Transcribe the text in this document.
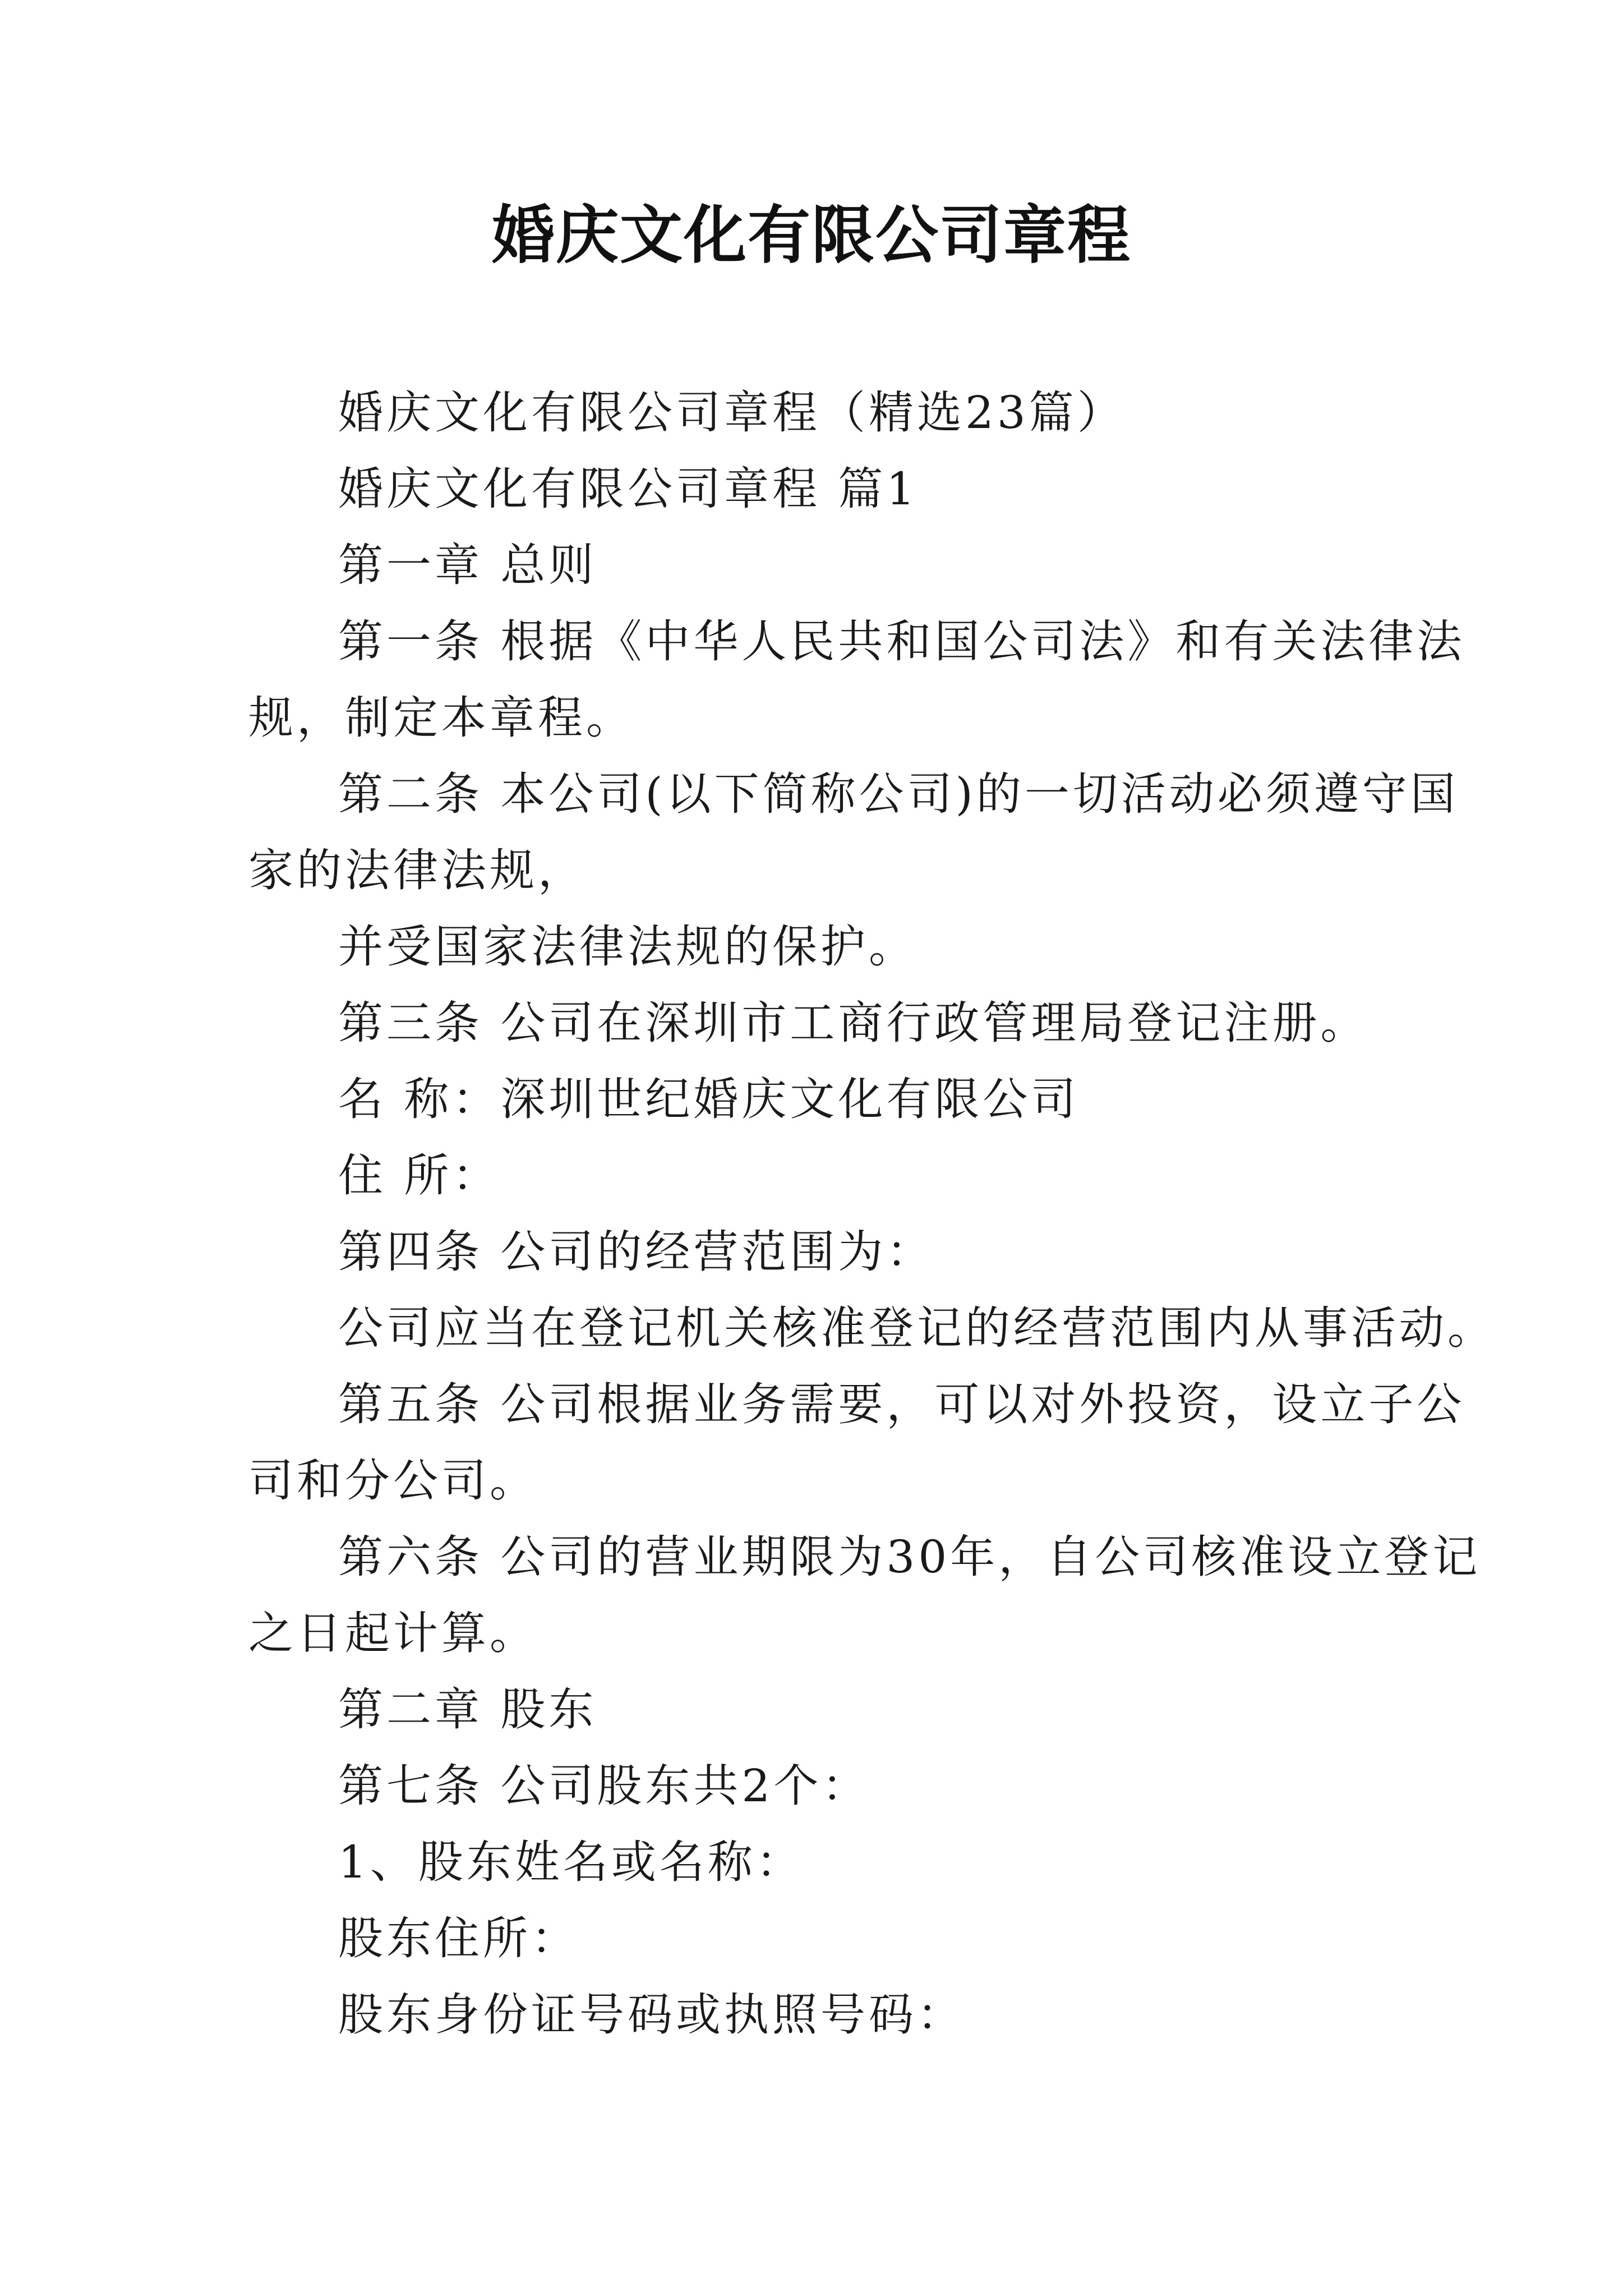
婚庆文化有限公司章程

婚庆文化有限公司章程（精选23篇）

婚庆文化有限公司章程 篇1

第一章 总则

第一条 根据《中华人民共和国公司法》和有关法律法
规，制定本章程。

第二条 本公司(以下简称公司)的一切活动必须遵守国
家的法律法规，

并受国家法律法规的保护。

第三条 公司在深圳市工商行政管理局登记注册。

名 称：深圳世纪婚庆文化有限公司

住 所：

第四条 公司的经营范围为：

公司应当在登记机关核准登记的经营范围内从事活动。

第五条 公司根据业务需要，可以对外投资，设立子公
司和分公司。

第六条 公司的营业期限为30年，自公司核准设立登记
之日起计算。

第二章 股东

第七条 公司股东共2个：

1、股东姓名或名称：

股东住所：

股东身份证号码或执照号码：
